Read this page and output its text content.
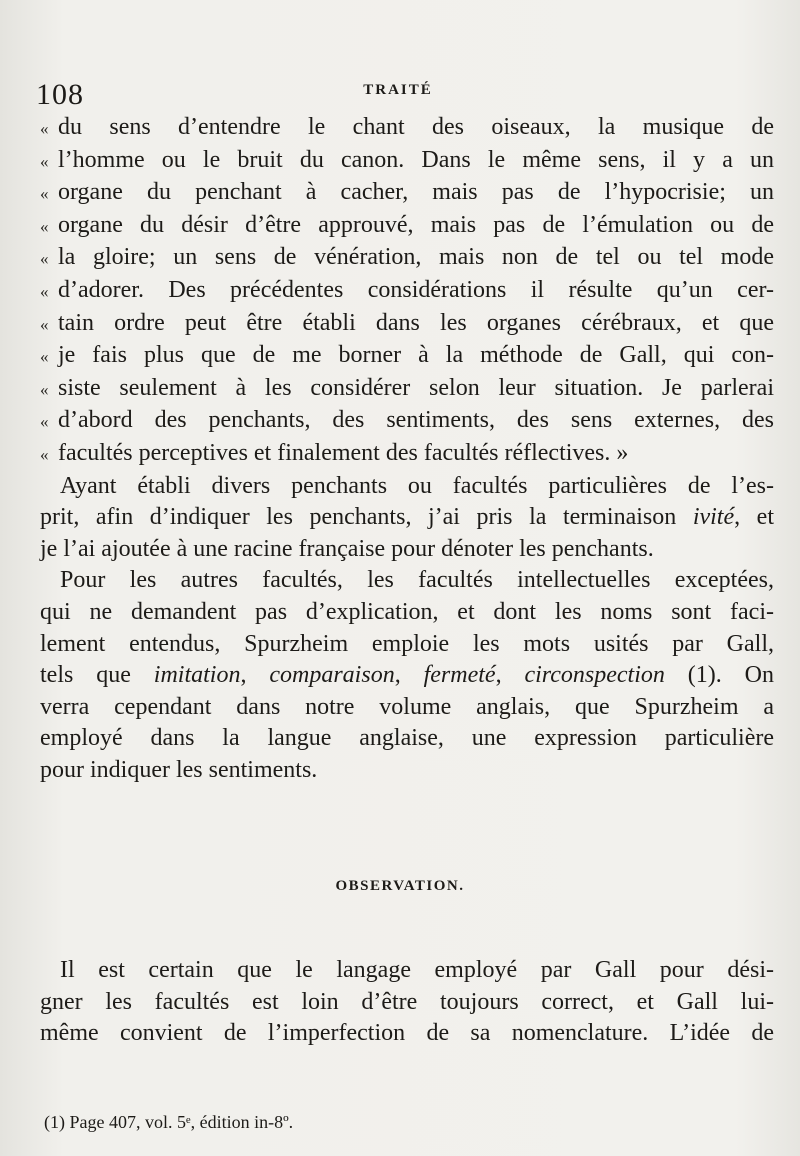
108	TRAITÉ
« du sens d’entendre le chant des oiseaux, la musique de
« l’homme ou le bruit du canon. Dans le même sens, il y a un
« organe du penchant à cacher, mais pas de l’hypocrisie; un
« organe du désir d’être approuvé, mais pas de l’émulation ou de
« la gloire; un sens de vénération, mais non de tel ou tel mode
« d’adorer. Des précédentes considérations il résulte qu’un cer-
« tain ordre peut être établi dans les organes cérébraux, et que
« je fais plus que de me borner à la méthode de Gall, qui con-
« siste seulement à les considérer selon leur situation. Je parlerai
« d’abord des penchants, des sentiments, des sens externes, des
« facultés perceptives et finalement des facultés réflectives. »
Ayant établi divers penchants ou facultés particulières de l’es-
prit, afin d’indiquer les penchants, j’ai pris la terminaison ivité, et
je l’ai ajoutée à une racine française pour dénoter les penchants.
Pour les autres facultés, les facultés intellectuelles exceptées,
qui ne demandent pas d’explication, et dont les noms sont faci-
lement entendus, Spurzheim emploie les mots usités par Gall,
tels que imitation, comparaison, fermeté, circonspection (1). On
verra cependant dans notre volume anglais, que Spurzheim a
employé dans la langue anglaise, une expression particulière
pour indiquer les sentiments.
OBSERVATION.
Il est certain que le langage employé par Gall pour dési-
gner les facultés est loin d’être toujours correct, et Gall lui-
même convient de l’imperfection de sa nomenclature. L’idée de
(1) Page 407, vol. 5ᵉ, édition in-8º.
